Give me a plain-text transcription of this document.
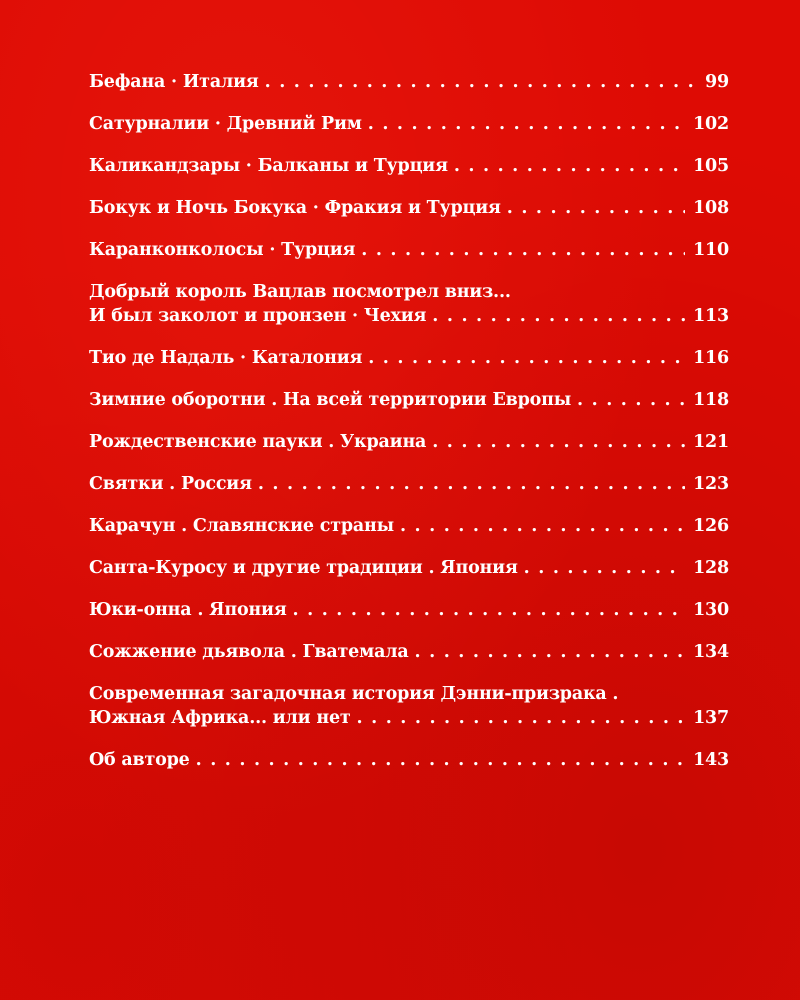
Бефана · Италия . . .	99
Сатурналии · Древний Рим . . .	102
Каликандзары · Балканы и Турция . . .	105
Бокук и Ночь Бокука · Фракия и Турция . . .	108
Каранконколосы · Турция . . .	110
Добрый король Вацлав посмотрел вниз...
И был заколот и пронзен · Чехия . . .	113
Тио де Надаль · Каталония . . .	116
Зимние оборотни . На всей территории Европы . . .	118
Рождественские пауки . Украина . . .	121
Святки . Россия . . .	123
Карачун . Славянские страны . . .	126
Санта-Куросу и другие традиции . Япония . . .	128
Юки-онна . Япония . . .	130
Сожжение дьявола . Гватемала . . .	134
Современная загадочная история Дэнни-призрака .
Южная Африка... или нет . . .	137
Об авторе . . .	143
